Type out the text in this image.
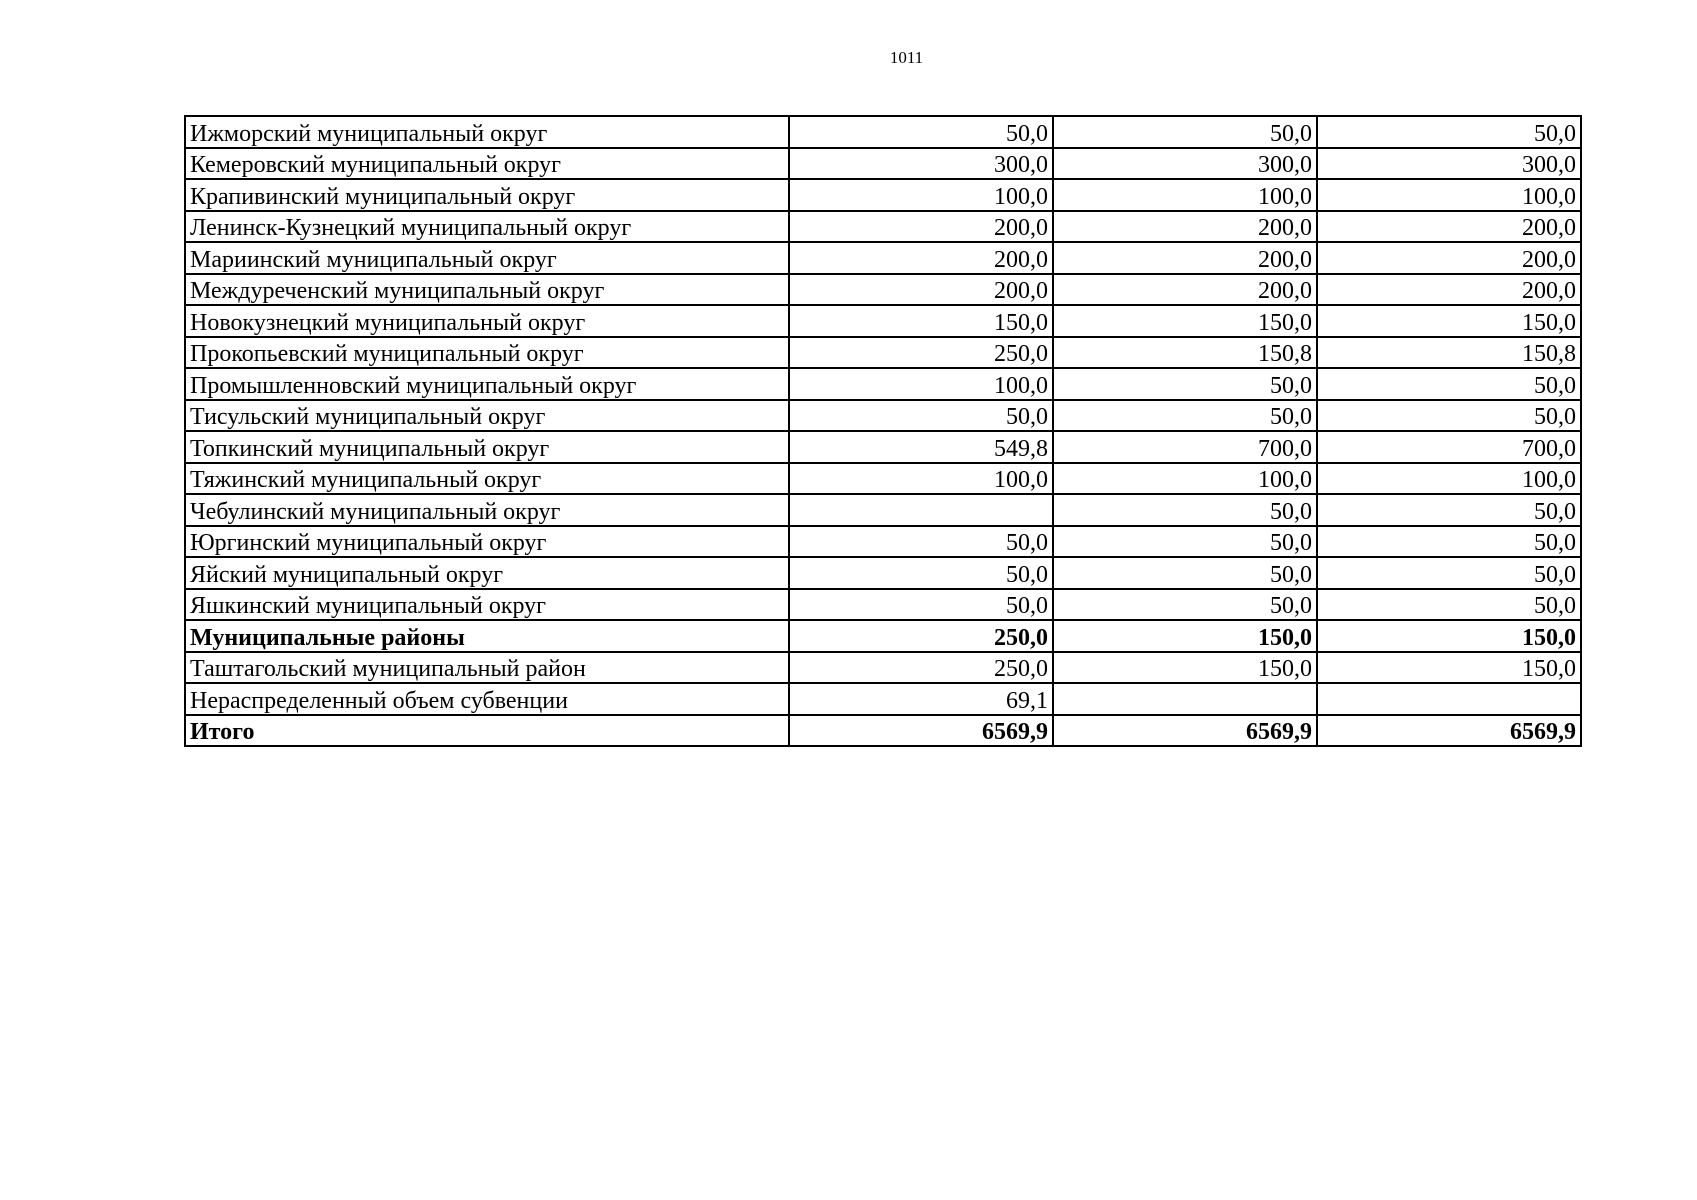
1011
Ижморский муниципальный округ	50,0	50,0	50,0
Кемеровский муниципальный округ	300,0	300,0	300,0
Крапивинский муниципальный округ	100,0	100,0	100,0
Ленинск-Кузнецкий муниципальный округ	200,0	200,0	200,0
Мариинский муниципальный округ	200,0	200,0	200,0
Междуреченский муниципальный округ	200,0	200,0	200,0
Новокузнецкий муниципальный округ	150,0	150,0	150,0
Прокопьевский муниципальный округ	250,0	150,8	150,8
Промышленновский муниципальный округ	100,0	50,0	50,0
Тисульский муниципальный округ	50,0	50,0	50,0
Топкинский муниципальный округ	549,8	700,0	700,0
Тяжинский муниципальный округ	100,0	100,0	100,0
Чебулинский муниципальный округ		50,0	50,0
Юргинский муниципальный округ	50,0	50,0	50,0
Яйский муниципальный округ	50,0	50,0	50,0
Яшкинский муниципальный округ	50,0	50,0	50,0
Муниципальные районы	250,0	150,0	150,0
Таштагольский муниципальный район	250,0	150,0	150,0
Нераспределенный объем субвенции	69,1		
Итого	6569,9	6569,9	6569,9
